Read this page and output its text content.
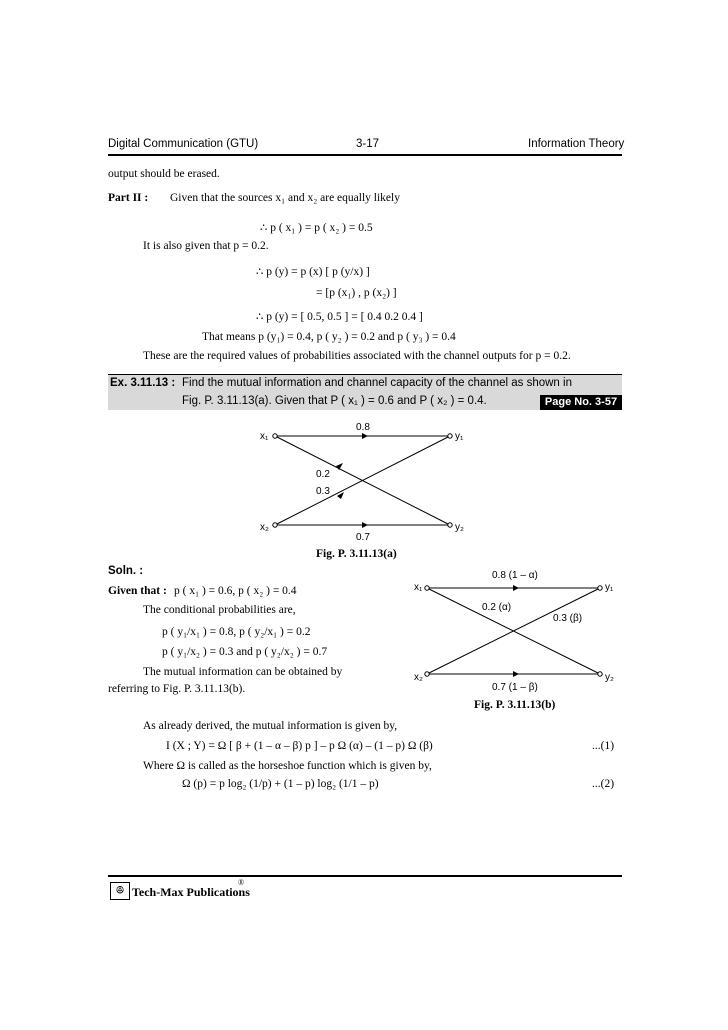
Digital Communication (GTU)	3-17	Information Theory
output should be erased.
Part II : Given that the sources x₁ and x₂ are equally likely
∴ p ( x₁ ) = p ( x₂ ) = 0.5
It is also given that p = 0.2.
∴ p (y) = p (x) [ p (y/x) ]
= [p (x₁) , p (x₂) ]
∴ p (y) = [ 0.5, 0.5 ] = [ 0.4 0.2 0.4 ]
That means p (y₁) = 0.4, p ( y₂ ) = 0.2 and p ( y₃ ) = 0.4
These are the required values of probabilities associated with the channel outputs for p = 0.2.
Ex. 3.11.13 : Find the mutual information and channel capacity of the channel as shown in
Fig. P. 3.11.13(a). Given that P ( x₁ ) = 0.6 and P ( x₂ ) = 0.4.	Page No. 3-57
x₁
x₂
y₁
y₂
0.8
0.2
0.3
0.7
Fig. P. 3.11.13(a)
Soln. :
Given that : p ( x₁ ) = 0.6, p ( x₂ ) = 0.4
The conditional probabilities are,
p ( y₁/x₁ ) = 0.8, p ( y₂/x₁ ) = 0.2
p ( y₁/x₂ ) = 0.3 and p ( y₂/x₂ ) = 0.7
The mutual information can be obtained by
referring to Fig. P. 3.11.13(b).
x₁
x₂
y₁
y₂
0.8 (1 – α)
0.2 (α)
0.3 (β)
0.7 (1 – β)
Fig. P. 3.11.13(b)
As already derived, the mutual information is given by,
I (X ; Y) = Ω [ β + (1 – α – β) p ] – p Ω (α) – (1 – p) Ω (β)	...(1)
Where Ω is called as the horseshoe function which is given by,
Ω (p) = p log₂ (1/p) + (1 – p) log₂ (1/1 – p)	...(2)
ꔮ Tech-Max Publications
®
